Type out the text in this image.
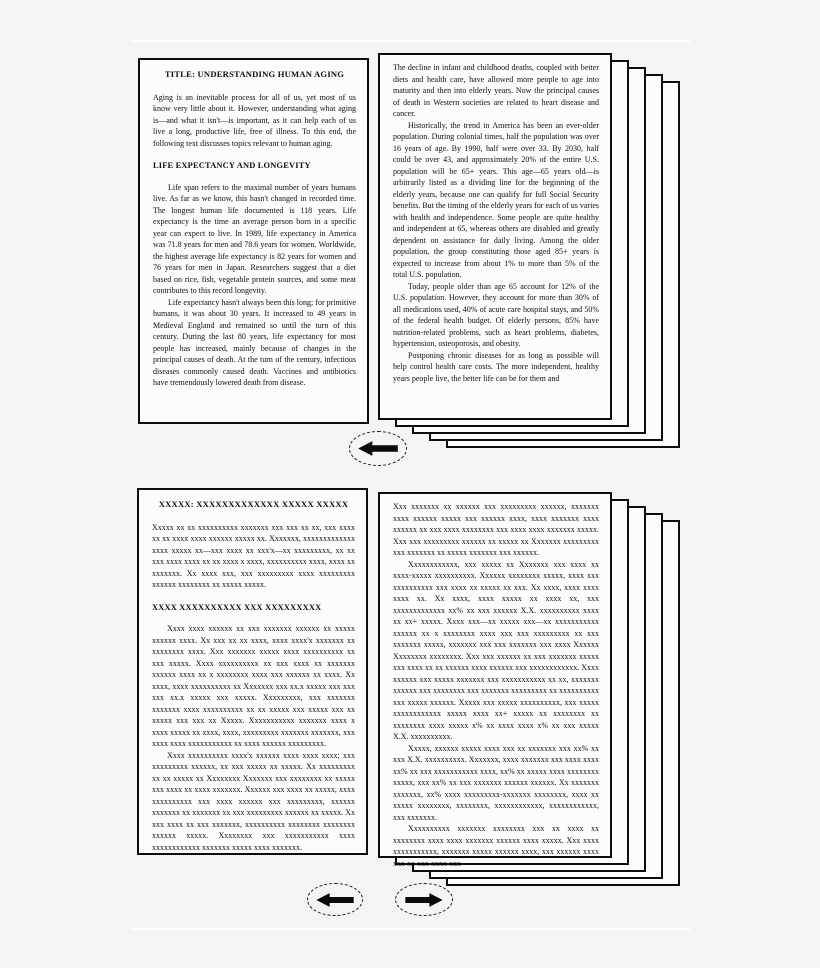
TITLE: UNDERSTANDING HUMAN AGING

Aging is an inevitable process for all of us, yet most of us know very little about it. However, understanding what aging is—and what it isn't—is important, as it can help each of us live a long, productive life, free of illness. To this end, the following text discusses topics relevant to human aging.

LIFE EXPECTANCY AND LONGEVITY

Life span refers to the maximal number of years humans live. As far as we know, this hasn't changed in recorded time. The longest human life documented is 118 years. Life expectancy is the time an average person born in a specific year can expect to live. In 1989, life expectancy in America was 71.8 years for men and 78.6 years for women. Worldwide, the highest average life expectancy is 82 years for women and 76 years for men in Japan. Researchers suggest that a diet based on rice, fish, vegetable protein sources, and some meat contributes to this record longevity.

Life expectancy hasn't always been this long; for primitive humans, it was about 30 years. It increased to 49 years in Medieval England and remained so until the turn of this century. During the last 80 years, life expectancy for most people has increased, mainly because of changes in the principal causes of death. At the turn of the century, infectious diseases commonly caused death. Vaccines and antibiotics have tremendously lowered death from disease.

The decline in infant and childhood deaths, coupled with better diets and health care, have allowed more people to age into maturity and then into elderly years. Now the principal causes of death in Western societies are related to heart disease and cancer.

Historically, the trend in America has been an ever-older population. During colonial times, half the population was over 16 years of age. By 1990, half were over 33. By 2030, half could be over 43, and approximately 20% of the entire U.S. population will be 65+ years. This age—65 years old—is arbitrarily listed as a dividing line for the beginning of the elderly years, because one can qualify for full Social Security benefits. But the timing of the elderly years for each of us varies with health and independence. Some people are quite healthy and independent at 65, whereas others are disabled and greatly dependent on assistance for daily living. Among the older population, the group constituting those aged 85+ years is expected to increase from about 1% to more than 5% of the total U.S. population.

Today, people older than age 65 account for 12% of the U.S. population. However, they account for more than 30% of all medications used, 40% of acute care hospital stays, and 50% of the federal health budget. Of elderly persons, 85% have nutrition-related problems, such as heart problems, diabetes, hypertension, osteoporosis, and obesity.

Postponing chronic diseases for as long as possible will help control health care costs. The more independent, healthy years people live, the better life can be for them and

XXXXX: XXXXXXXXXXXXX XXXXX XXXXX

Xxxxx xx xx xxxxxxxxxx xxxxxxx xxx xxx xx xx, xxx xxxx xx xx xxxx xxxx xxxxxx xxxxx xx. Xxxxxxx, xxxxxxxxxxxxx xxxx xxxxx xx—xxx xxxx xx xxx'x—xx xxxxxxxxx, xx xx xxx xxxx xxxx xx xx xxxx x xxxx, xxxxxxxxxx xxxx, xxxx xx xxxxxxx. Xx xxxx xxx, xxx xxxxxxxxx xxxx xxxxxxxxx xxxxxx xxxxxxxx xx xxxxx xxxxx.

XXXX XXXXXXXXXX XXX XXXXXXXXX

Xxxx xxxx xxxxxx xx xxx xxxxxxx xxxxxx xx xxxxx xxxxxx xxxx. Xx xxx xx xx xxxx, xxxx xxxx'x xxxxxxx xx xxxxxxxx xxxx. Xxx xxxxxxx xxxxx xxxx xxxxxxxxxx xx xxx xxxxx. Xxxx xxxxxxxxxx xx xxx xxxx xx xxxxxxx xxxxxx xxxx xx x xxxxxxxx xxxx xxx xxxxxx xx xxxx. Xx xxxx, xxxx xxxxxxxxxx xx Xxxxxxx xxx xx.x xxxxx xxx xxx xxx xx.x xxxxx xxx xxxxx. Xxxxxxxxx, xxx xxxxxxx xxxxxxx xxxx xxxxxxxxxx xx xx xxxxx xxx xxxxx xxx xx xxxxx xxx xxx xx Xxxxx. Xxxxxxxxxxx xxxxxxx xxxx x xxxx xxxxx xx xxxx, xxxx, xxxxxxxxx xxxxxxx xxxxxxx, xxx xxxx xxxx xxxxxxxxxxx xx xxxx xxxxxx xxxxxxxxx.

Xxxx xxxxxxxxxx xxxx'x xxxxxx xxxx xxxx xxxx; xxx xxxxxxxxx xxxxxx, xx xxx xxxxx xx xxxxx. Xx xxxxxxxxx xx xx xxxxx xx Xxxxxxxx Xxxxxxx xxx xxxxxxxx xx xxxxx xxx xxxx xx xxxx xxxxxxx. Xxxxxx xxx xxxx xx xxxxx, xxxx xxxxxxxxxx xxx xxxx xxxxxx xxx xxxxxxxxx, xxxxxx xxxxxxx xx xxxxxxx xx xxx xxxxxxxxx xxxxxx xx xxxxx. Xx xxx xxxx xx xxx xxxxxxx, xxxxxxxxxx xxxxxxxx xxxxxxxx xxxxxx xxxxx. Xxxxxxxx xxx xxxxxxxxxxx xxxx xxxxxxxxxxxx xxxxxxx xxxxx xxxx xxxxxxx.

Xxx xxxxxxx xx xxxxxx xxx xxxxxxxxx xxxxxx, xxxxxxx xxxx xxxxxx xxxxx xxx xxxxxx xxxx, xxxx xxxxxxx xxxx xxxxxx xx xxx xxxx xxxxxxxx xxx xxxx xxxx xxxxxxx xxxxx. Xxx xxx xxxxxxxxx xxxxxx xx xxxxx xx Xxxxxxx xxxxxxxxx xxx xxxxxxx xx xxxxx xxxxxxx xxx xxxxxx.

Xxxxxxxxxxxx, xxx xxxxx xx Xxxxxxx xxx xxxx xx xxxx-xxxxx xxxxxxxxxx. Xxxxxx xxxxxxxx xxxxx, xxxx xxx xxxxxxxxxx xxx xxxx xx xxxxx xx xxx. Xx xxxx, xxxx xxxx xxxx xx. Xx xxxx, xxxx xxxxx xx xxxx xx, xxx xxxxxxxxxxxxx xx% xx xxx xxxxxx X.X. xxxxxxxxxx xxxx xx xx+ xxxxx. Xxxx xxx—xx xxxxx xxx—xx xxxxxxxxxxx xxxxxx xx x xxxxxxxx xxxx xxx xxx xxxxxxxxx xx xxx xxxxxxx xxxxx, xxxxxxx xxx xxx xxxxxxx xxx xxxx Xxxxxx Xxxxxxxx xxxxxxxx. Xxx xxx xxxxxx xx xxx xxxxxxx xxxxx xxx xxxx xx xx xxxxxx xxxx xxxxxx xxx xxxxxxxxxxxx. Xxxx xxxxxx xxx xxxxx xxxxxxx xxx xxxxxxxxxxx xx xx, xxxxxxx xxxxxx xxx xxxxxxxx xxx xxxxxxx xxxxxxxxx xx xxxxxxxxxx xxx xxxxx xxxxxx. Xxxxx xxx xxxxx xxxxxxxxxx, xxx xxxxx xxxxxxxxxxxx xxxxx xxxx xx+ xxxxx xx xxxxxxxx xx xxxxxxxx xxxx xxxxx x% xx xxxx xxxx x% xx xxx xxxxx X.X. xxxxxxxxxx.

Xxxxx, xxxxxx xxxxx xxxx xxx xx xxxxxxx xxx xx% xx xxx X.X. xxxxxxxxxx. Xxxxxxx, xxxx xxxxxxx xxx xxxx xxxx xx% xx xxx xxxxxxxxxxx xxxx, xx% xx xxxxx xxxx xxxxxxxx xxxxx, xxx xx% xx xxx xxxxxxx xxxxxx xxxxxx. Xx xxxxxxx xxxxxxx, xx% xxxx xxxxxxxxx-xxxxxxx xxxxxxxx, xxxx xx xxxxx xxxxxxxx, xxxxxxxx, xxxxxxxxxxxx, xxxxxxxxxxxx, xxx xxxxxxx.

Xxxxxxxxxx xxxxxxx xxxxxxxx xxx xx xxxx xx xxxxxxxx xxxx xxxx xxxxxxx xxxxxx xxxx xxxxx. Xxx xxxx xxxxxxxxxxx, xxxxxxx xxxxx xxxxxx xxxx, xxx xxxxxx xxxx xxx xx xxx xxxx xxx
